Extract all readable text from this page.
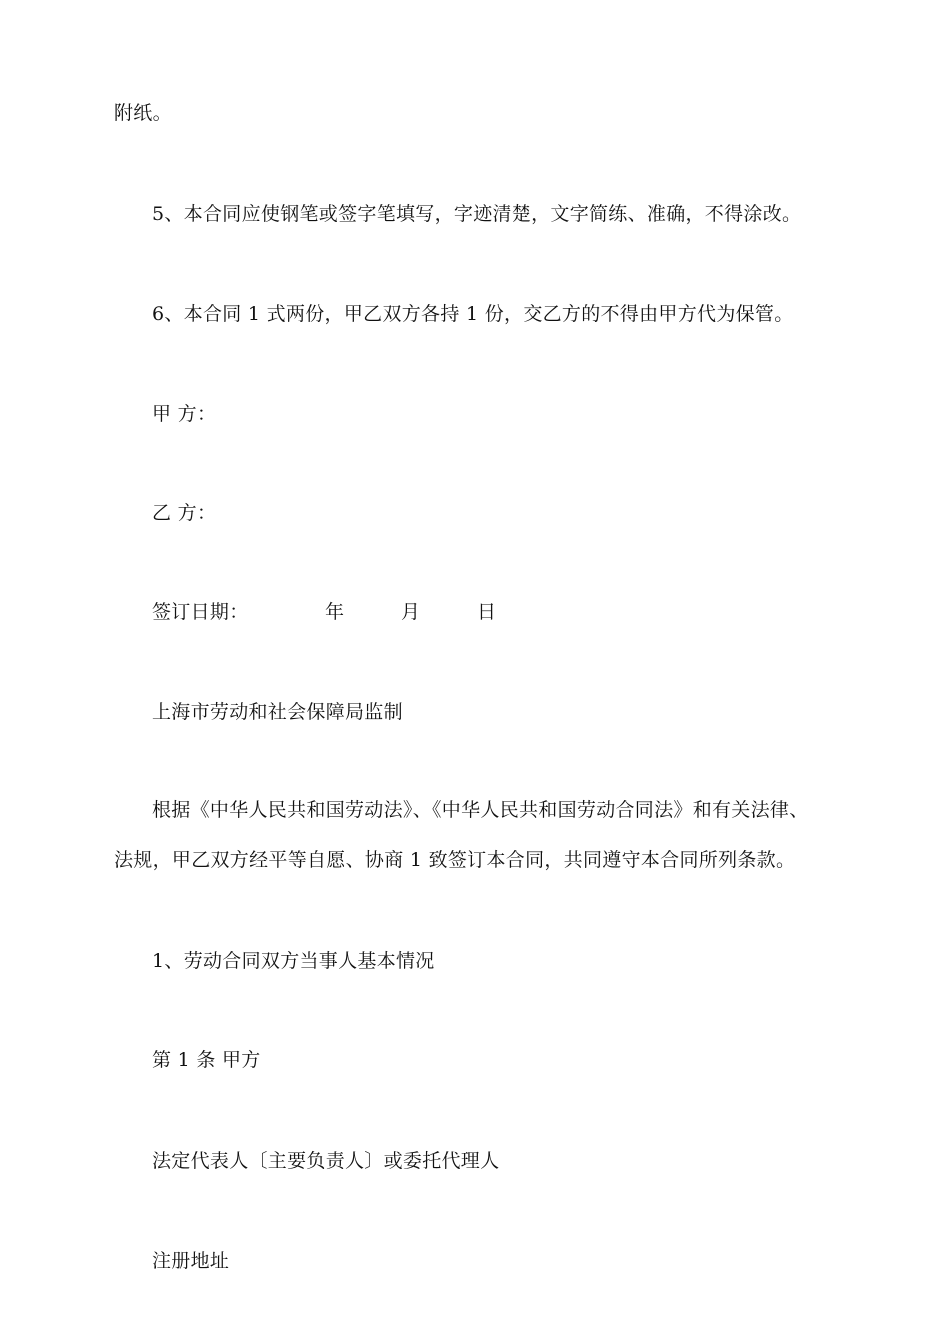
附纸。
5、本合同应使钢笔或签字笔填写，字迹清楚，文字简练、准确，不得涂改。
6、本合同 1 式两份，甲乙双方各持 1 份，交乙方的不得由甲方代为保管。
甲 方：
乙 方：
签订日期：	年	月	日
上海市劳动和社会保障局监制
根据《中华人民共和国劳动法》、《中华人民共和国劳动合同法》和有关法律、
法规，甲乙双方经平等自愿、协商 1 致签订本合同，共同遵守本合同所列条款。
1、劳动合同双方当事人基本情况
第 1 条 甲方
法定代表人〔主要负责人〕或委托代理人
注册地址
